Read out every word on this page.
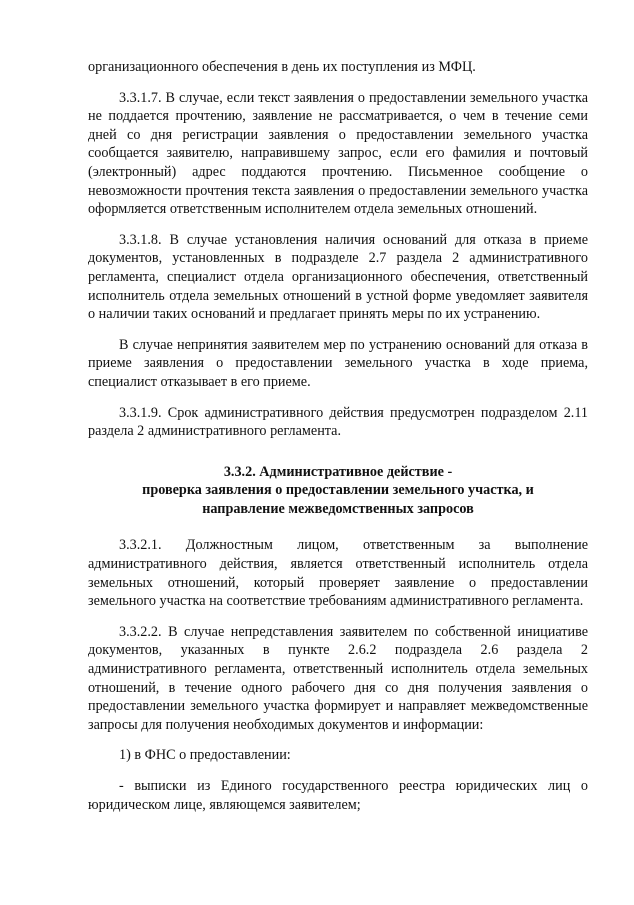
организационного обеспечения в день их поступления из МФЦ.

3.3.1.7. В случае, если текст заявления о предоставлении земельного участка не поддается прочтению, заявление не рассматривается, о чем в течение семи дней со дня регистрации заявления о предоставлении земельного участка сообщается заявителю, направившему запрос, если его фамилия и почтовый (электронный) адрес поддаются прочтению. Письменное сообщение о невозможности прочтения текста заявления о предоставлении земельного участка оформляется ответственным исполнителем отдела земельных отношений.

3.3.1.8. В случае установления наличия оснований для отказа в приеме документов, установленных в подразделе 2.7 раздела 2 административного регламента, специалист отдела организационного обеспечения, ответственный исполнитель отдела земельных отношений в устной форме уведомляет заявителя о наличии таких оснований и предлагает принять меры по их устранению.

В случае непринятия заявителем мер по устранению оснований для отказа в приеме заявления о предоставлении земельного участка в ходе приема, специалист отказывает в его приеме.

3.3.1.9. Срок административного действия предусмотрен подразделом 2.11 раздела 2 административного регламента.

3.3.2. Административное действие -
проверка заявления о предоставлении земельного участка, и
направление межведомственных запросов

3.3.2.1. Должностным лицом, ответственным за выполнение административного действия, является ответственный исполнитель отдела земельных отношений, который проверяет заявление о предоставлении земельного участка на соответствие требованиям административного регламента.

3.3.2.2. В случае непредставления заявителем по собственной инициативе документов, указанных в пункте 2.6.2 подраздела 2.6 раздела 2 административного регламента, ответственный исполнитель отдела земельных отношений, в течение одного рабочего дня со дня получения заявления о предоставлении земельного участка формирует и направляет межведомственные запросы для получения необходимых документов и информации:

1) в ФНС о предоставлении:

- выписки из Единого государственного реестра юридических лиц о юридическом лице, являющемся заявителем;
